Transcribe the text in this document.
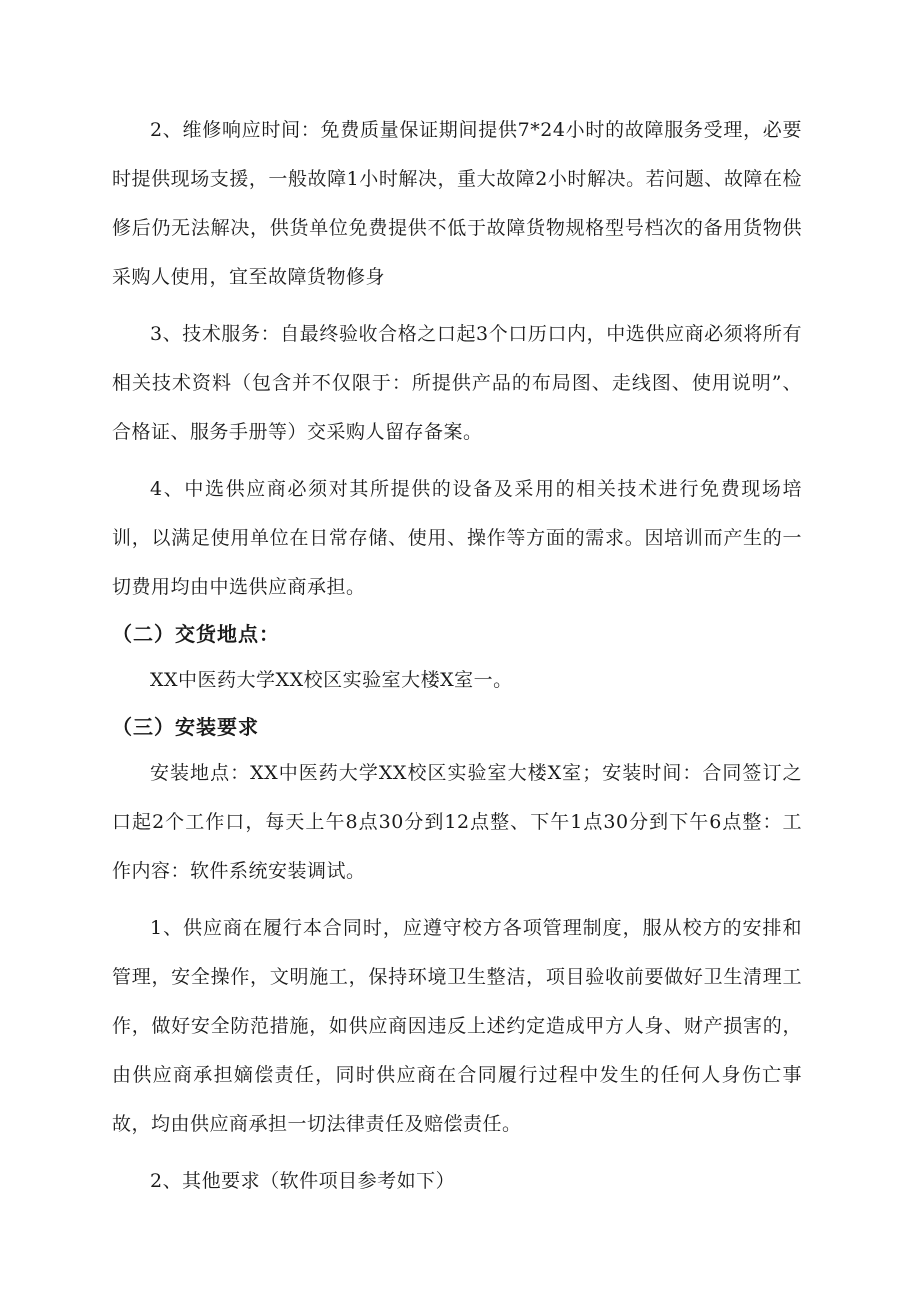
2、维修响应时间：免费质量保证期间提供7*24小时的故障服务受理，必要时提供现场支援，一般故障1小时解决，重大故障2小时解决。若问题、故障在检修后仍无法解决，供货单位免费提供不低于故障货物规格型号档次的备用货物供采购人使用，宜至故障货物修身

3、技术服务：自最终验收合格之口起3个口历口内，中选供应商必须将所有相关技术资料（包含并不仅限于：所提供产品的布局图、走线图、使用说明”、合格证、服务手册等）交采购人留存备案。

4、中选供应商必须对其所提供的设备及采用的相关技术进行免费现场培训，以满足使用单位在日常存储、使用、操作等方面的需求。因培训而产生的一切费用均由中选供应商承担。

（二）交货地点：

XX中医药大学XX校区实验室大楼X室一。

（三）安装要求

安装地点：XX中医药大学XX校区实验室大楼X室；安装时间：合同签订之口起2个工作口，每天上午8点30分到12点整、下午1点30分到下午6点整：工作内容：软件系统安装调试。

1、供应商在履行本合同时，应遵守校方各项管理制度，服从校方的安排和管理，安全操作，文明施工，保持环境卫生整洁，项目验收前要做好卫生清理工作，做好安全防范措施，如供应商因违反上述约定造成甲方人身、财产损害的，由供应商承担嫡偿责任，同时供应商在合同履行过程中发生的任何人身伤亡事故，均由供应商承担一切法律责任及赔偿责任。

2、其他要求（软件项目参考如下）
